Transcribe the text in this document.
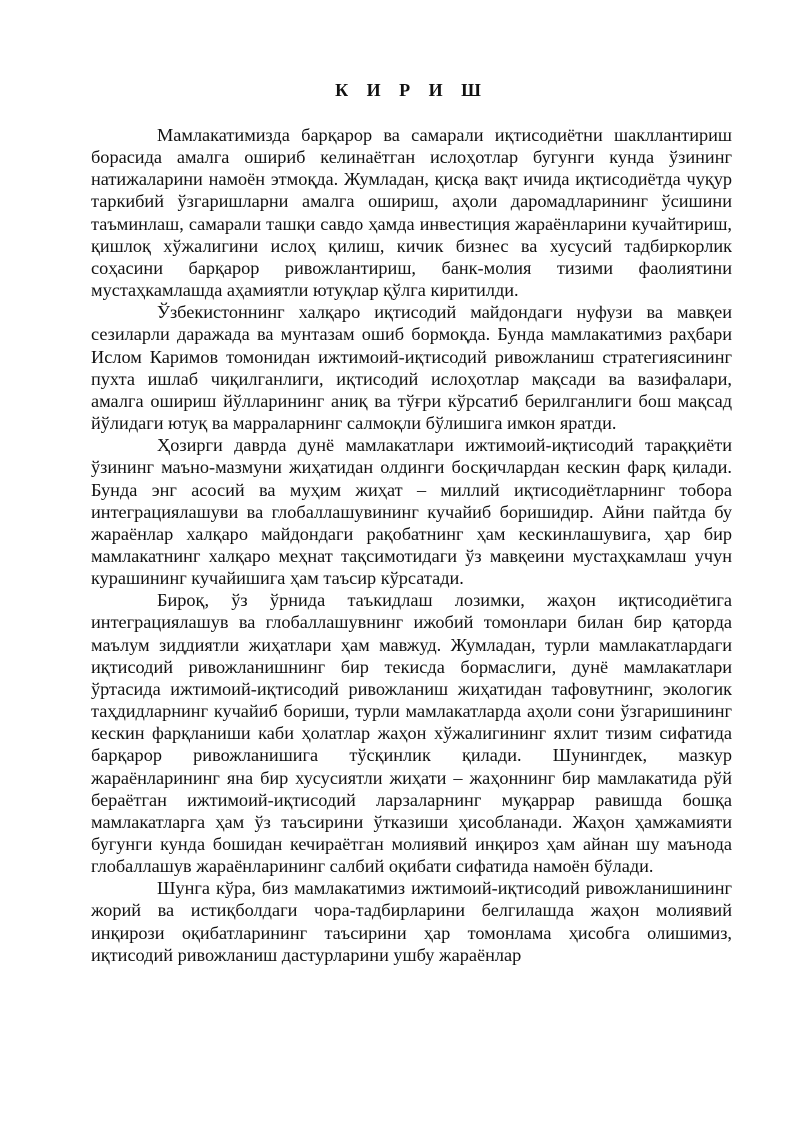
К И Р И Ш

Мамлакатимизда барқарор ва самарали иқтисодиётни шакллантириш борасида амалга ошириб келинаётган ислоҳотлар бугунги кунда ўзининг натижаларини намоён этмоқда. Жумладан, қисқа вақт ичида иқтисодиётда чуқур таркибий ўзгаришларни амалга ошириш, аҳоли даромадларининг ўсишини таъминлаш, самарали ташқи савдо ҳамда инвестиция жараёнларини кучайтириш, қишлоқ хўжалигини ислоҳ қилиш, кичик бизнес ва хусусий тадбиркорлик соҳасини барқарор ривожлантириш, банк-молия тизими фаолиятини мустаҳкамлашда аҳамиятли ютуқлар қўлга киритилди.

Ўзбекистоннинг халқаро иқтисодий майдондаги нуфузи ва мавқеи сезиларли даражада ва мунтазам ошиб бормоқда. Бунда мамлакатимиз раҳбари Ислом Каримов томонидан ижтимоий-иқтисодий ривожланиш стратегиясининг пухта ишлаб чиқилганлиги, иқтисодий ислоҳотлар мақсади ва вазифалари, амалга ошириш йўлларининг аниқ ва тўғри кўрсатиб берилганлиги бош мақсад йўлидаги ютуқ ва марраларнинг салмоқли бўлишига имкон яратди.

Ҳозирги даврда дунё мамлакатлари ижтимоий-иқтисодий тараққиёти ўзининг маъно-мазмуни жиҳатидан олдинги босқичлардан кескин фарқ қилади. Бунда энг асосий ва муҳим жиҳат – миллий иқтисодиётларнинг тобора интеграциялашуви ва глобаллашувининг кучайиб боришидир. Айни пайтда бу жараёнлар халқаро майдондаги рақобатнинг ҳам кескинлашувига, ҳар бир мамлакатнинг халқаро меҳнат тақсимотидаги ўз мавқеини мустаҳкамлаш учун курашининг кучайишига ҳам таъсир кўрсатади.

Бироқ, ўз ўрнида таъкидлаш лозимки, жаҳон иқтисодиётига интеграциялашув ва глобаллашувнинг ижобий томонлари билан бир қаторда маълум зиддиятли жиҳатлари ҳам мавжуд. Жумладан, турли мамлакатлардаги иқтисодий ривожланишнинг бир текисда бормаслиги, дунё мамлакатлари ўртасида ижтимоий-иқтисодий ривожланиш жиҳатидан тафовутнинг, экологик таҳдидларнинг кучайиб бориши, турли мамлакатларда аҳоли сони ўзгаришининг кескин фарқланиши каби ҳолатлар жаҳон хўжалигининг яхлит тизим сифатида барқарор ривожланишига тўсқинлик қилади. Шунингдек, мазкур жараёнларининг яна бир хусусиятли жиҳати – жаҳоннинг бир мамлакатида рўй бераётган ижтимоий-иқтисодий ларзаларнинг муқаррар равишда бошқа мамлакатларга ҳам ўз таъсирини ўтказиши ҳисобланади. Жаҳон ҳамжамияти бугунги кунда бошидан кечираётган молиявий инқироз ҳам айнан шу маънода глобаллашув жараёнларининг салбий оқибати сифатида намоён бўлади.

Шунга кўра, биз мамлакатимиз ижтимоий-иқтисодий ривожланишининг жорий ва истиқболдаги чора-тадбирларини белгилашда жаҳон молиявий инқирози оқибатларининг таъсирини ҳар томонлама ҳисобга олишимиз, иқтисодий ривожланиш дастурларини ушбу жараёнлар
